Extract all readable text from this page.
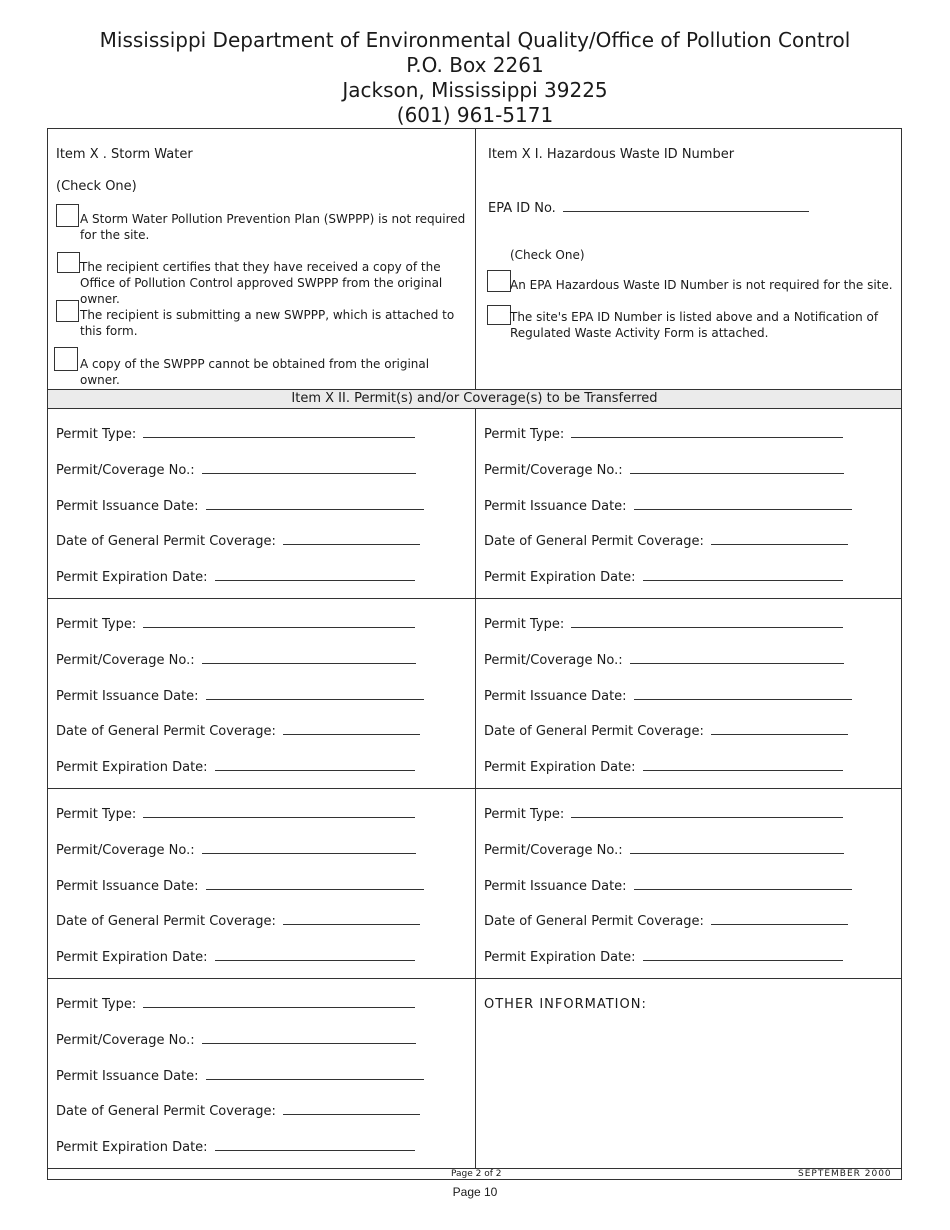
Mississippi Department of Environmental Quality/Office of Pollution Control
P.O. Box 2261
Jackson, Mississippi 39225
(601) 961-5171
Item X . Storm Water
(Check One)
A Storm Water Pollution Prevention Plan (SWPPP) is not required for the site.
The recipient certifies that they have received a copy of the Office of Pollution Control approved SWPPP from the original owner.
The recipient is submitting a new SWPPP, which is attached to this form.
A copy of the SWPPP cannot be obtained from the original owner.
Item X I. Hazardous Waste ID Number
EPA ID No.
(Check One)
An EPA Hazardous Waste ID Number is not required for the site.
The site's EPA ID Number is listed above and a Notification of Regulated Waste Activity Form is attached.
Item X II. Permit(s) and/or Coverage(s) to be Transferred
Permit Type:
Permit/Coverage No.:
Permit Issuance Date:
Date of General Permit Coverage:
Permit Expiration Date:
Permit Type:
Permit/Coverage No.:
Permit Issuance Date:
Date of General Permit Coverage:
Permit Expiration Date:
Permit Type:
Permit/Coverage No.:
Permit Issuance Date:
Date of General Permit Coverage:
Permit Expiration Date:
Permit Type:
Permit/Coverage No.:
Permit Issuance Date:
Date of General Permit Coverage:
Permit Expiration Date:
Permit Type:
Permit/Coverage No.:
Permit Issuance Date:
Date of General Permit Coverage:
Permit Expiration Date:
Permit Type:
Permit/Coverage No.:
Permit Issuance Date:
Date of General Permit Coverage:
Permit Expiration Date:
Permit Type:
Permit/Coverage No.:
Permit Issuance Date:
Date of General Permit Coverage:
Permit Expiration Date:
OTHER INFORMATION:
Page 2 of 2	SEPTEMBER 2000
Page 10
